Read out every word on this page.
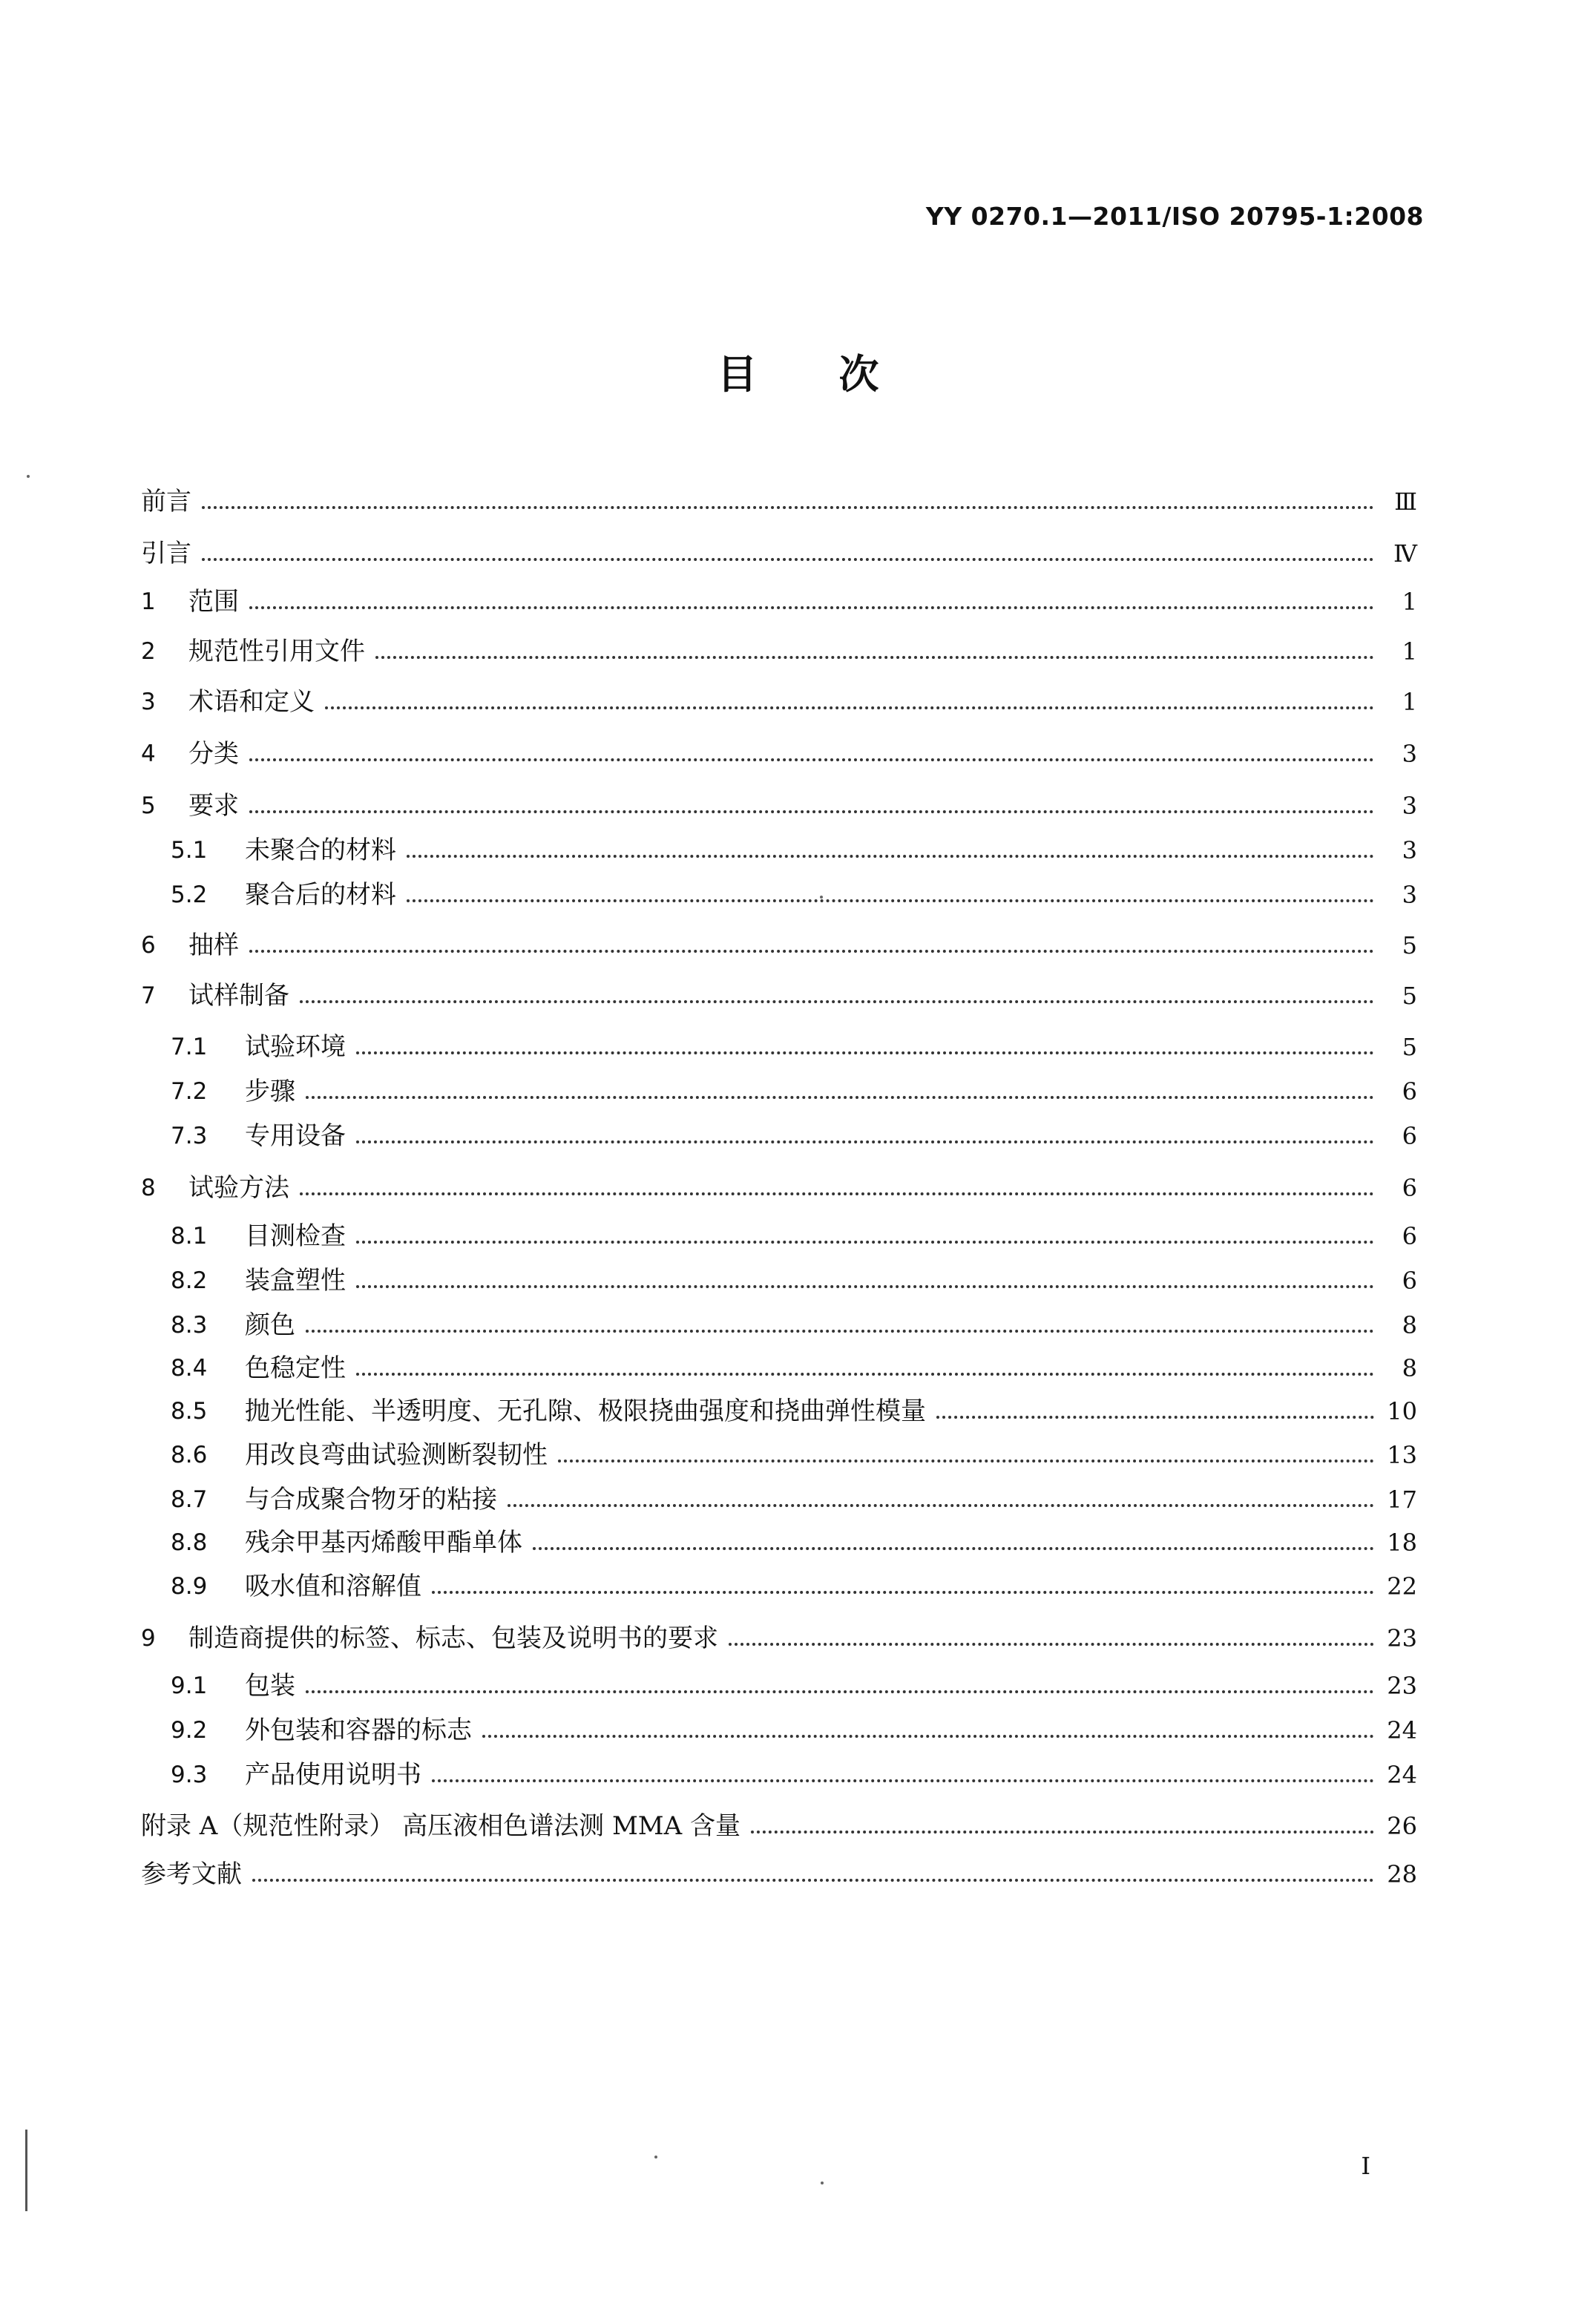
YY 0270.1—2011/ISO 20795-1:2008
目次
前言	Ⅲ
引言	Ⅳ
1	范围	1
2	规范性引用文件	1
3	术语和定义	1
4	分类	3
5	要求	3
5.1	未聚合的材料	3
5.2	聚合后的材料	3
6	抽样	5
7	试样制备	5
7.1	试验环境	5
7.2	步骤	6
7.3	专用设备	6
8	试验方法	6
8.1	目测检查	6
8.2	装盒塑性	6
8.3	颜色	8
8.4	色稳定性	8
8.5	抛光性能、半透明度、无孔隙、极限挠曲强度和挠曲弹性模量	10
8.6	用改良弯曲试验测断裂韧性	13
8.7	与合成聚合物牙的粘接	17
8.8	残余甲基丙烯酸甲酯单体	18
8.9	吸水值和溶解值	22
9	制造商提供的标签、标志、包装及说明书的要求	23
9.1	包装	23
9.2	外包装和容器的标志	24
9.3	产品使用说明书	24
附录 A（规范性附录） 高压液相色谱法测 MMA 含量	26
参考文献	28
I
